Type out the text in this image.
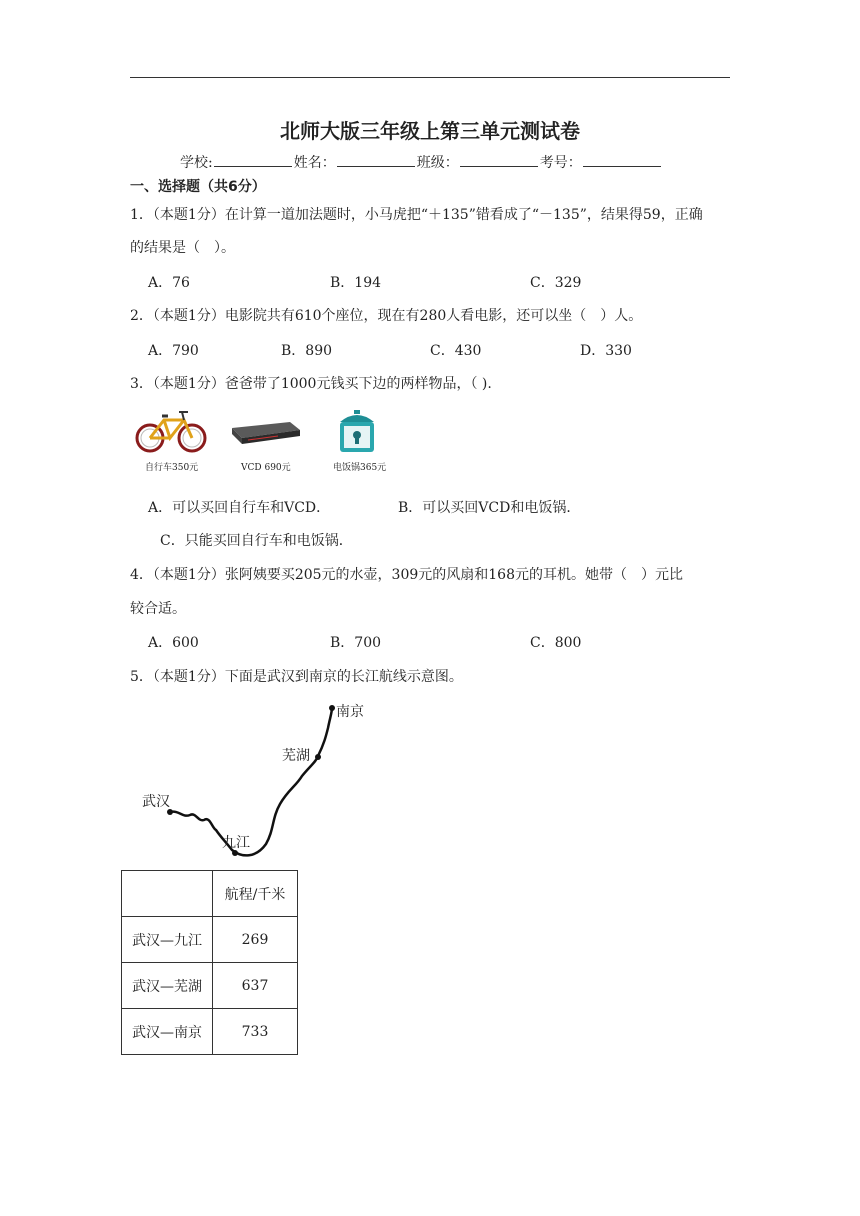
北师大版三年级上第三单元测试卷
学校:	姓名：	班级：	考号：
一、选择题（共6分）
1．（本题1分）在计算一道加法题时，小马虎把“＋135”错看成了“－135”，结果得59，正确
的结果是（　）。
A．76	B．194	C．329
2．（本题1分）电影院共有610个座位，现在有280人看电影，还可以坐（　）人。
A．790	B．890	C．430	D．330
3．（本题1分）爸爸带了1000元钱买下边的两样物品，（ ).
自行车350元	VCD 690元	电饭锅365元
A．可以买回自行车和VCD．	B．可以买回VCD和电饭锅．
C．只能买回自行车和电饭锅．
4．（本题1分）张阿姨要买205元的水壶，309元的风扇和168元的耳机。她带（　）元比
较合适。
A．600	B．700	C．800
5．（本题1分）下面是武汉到南京的长江航线示意图。
南京
芜湖
武汉
九江
	航程/千米
武汉—九江	269
武汉—芜湖	637
武汉—南京	733
